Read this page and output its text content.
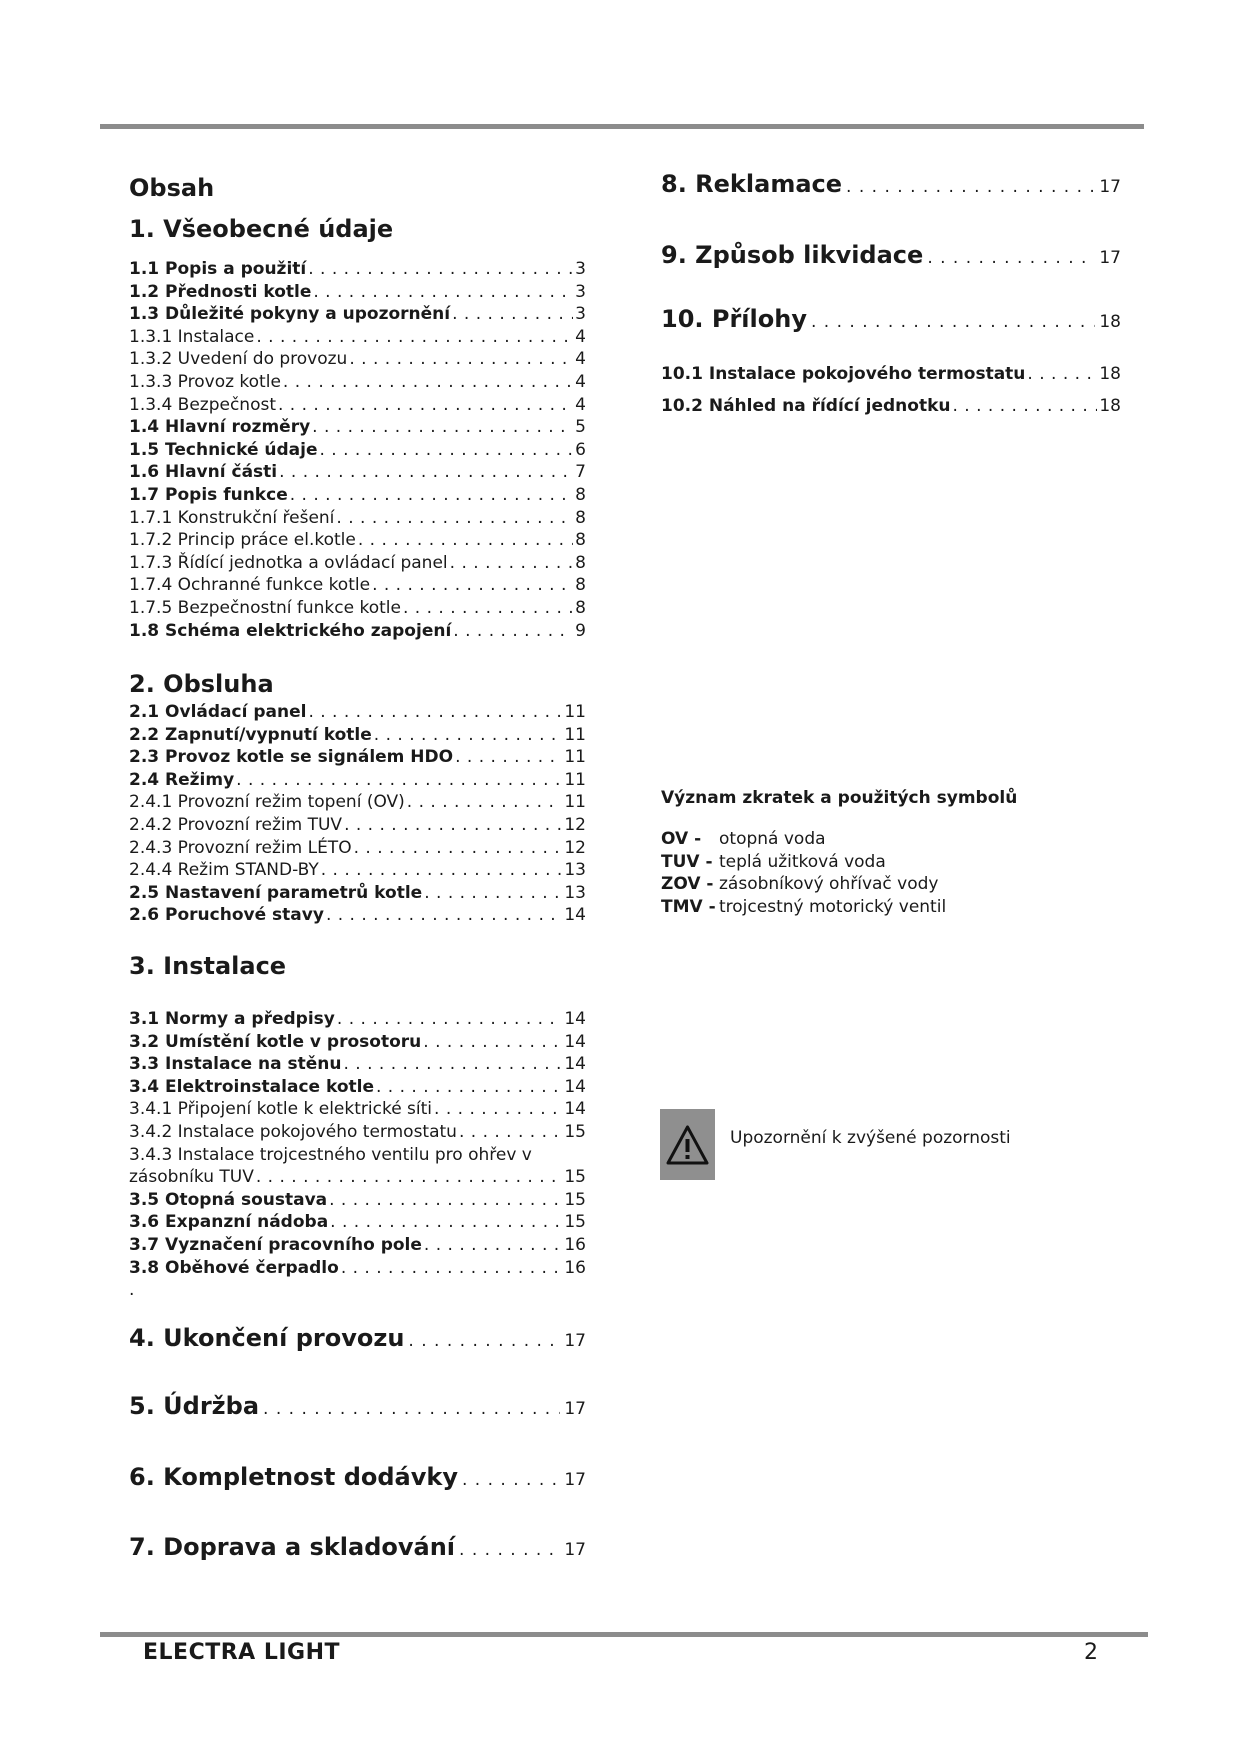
Obsah
1. Všeobecné údaje
1.1 Popis a použití . . .	3
1.2 Přednosti kotle . . .	3
1.3 Důležité pokyny a upozornění . . .	3
1.3.1 Instalace . . .	4
1.3.2 Uvedení do provozu . . .	4
1.3.3 Provoz kotle . . .	4
1.3.4 Bezpečnost . . .	4
1.4 Hlavní rozměry . . .	5
1.5 Technické údaje . . .	6
1.6 Hlavní části . . .	7
1.7 Popis funkce . . .	8
1.7.1 Konstrukční řešení . . .	8
1.7.2 Princip práce el.kotle . . .	8
1.7.3 Řídící jednotka a ovládací panel . . .	8
1.7.4 Ochranné funkce kotle . . .	8
1.7.5 Bezpečnostní funkce kotle . . .	8
1.8 Schéma elektrického zapojení . . .	9
2. Obsluha
2.1 Ovládací panel . . .	11
2.2 Zapnutí/vypnutí kotle . . .	11
2.3 Provoz kotle se signálem HDO . . .	11
2.4 Režimy . . .	11
2.4.1 Provozní režim topení (OV) . . .	11
2.4.2 Provozní režim TUV . . .	12
2.4.3 Provozní režim LÉTO . . .	12
2.4.4 Režim STAND-BY . . .	13
2.5 Nastavení parametrů kotle . . .	13
2.6 Poruchové stavy . . .	14
3. Instalace
3.1 Normy a předpisy . . .	14
3.2 Umístění kotle v prosotoru . . .	14
3.3 Instalace na stěnu . . .	14
3.4 Elektroinstalace kotle . . .	14
3.4.1 Připojení kotle k elektrické síti . . .	14
3.4.2 Instalace pokojového termostatu . . .	15
3.4.3 Instalace trojcestného ventilu pro ohřev v
zásobníku TUV . . .	15
3.5 Otopná soustava . . .	15
3.6 Expanzní nádoba . . .	15
3.7 Vyznačení pracovního pole . . .	16
3.8 Oběhové čerpadlo . . .	16
.
4. Ukončení provozu . . .	17
5. Údržba . . .	17
6. Kompletnost dodávky . . .	17
7. Doprava a skladování . . .	17
8. Reklamace . . .	17
9. Způsob likvidace . . .	17
10. Přílohy . . .	18
10.1 Instalace pokojového termostatu . . .	18
10.2 Náhled na řídící jednotku . . .	18
Význam zkratek a použitých symbolů
OV - otopná voda
TUV - teplá užitková voda
ZOV - zásobníkový ohřívač vody
TMV - trojcestný motorický ventil
Upozornění k zvýšené pozornosti
ELECTRA LIGHT	2
